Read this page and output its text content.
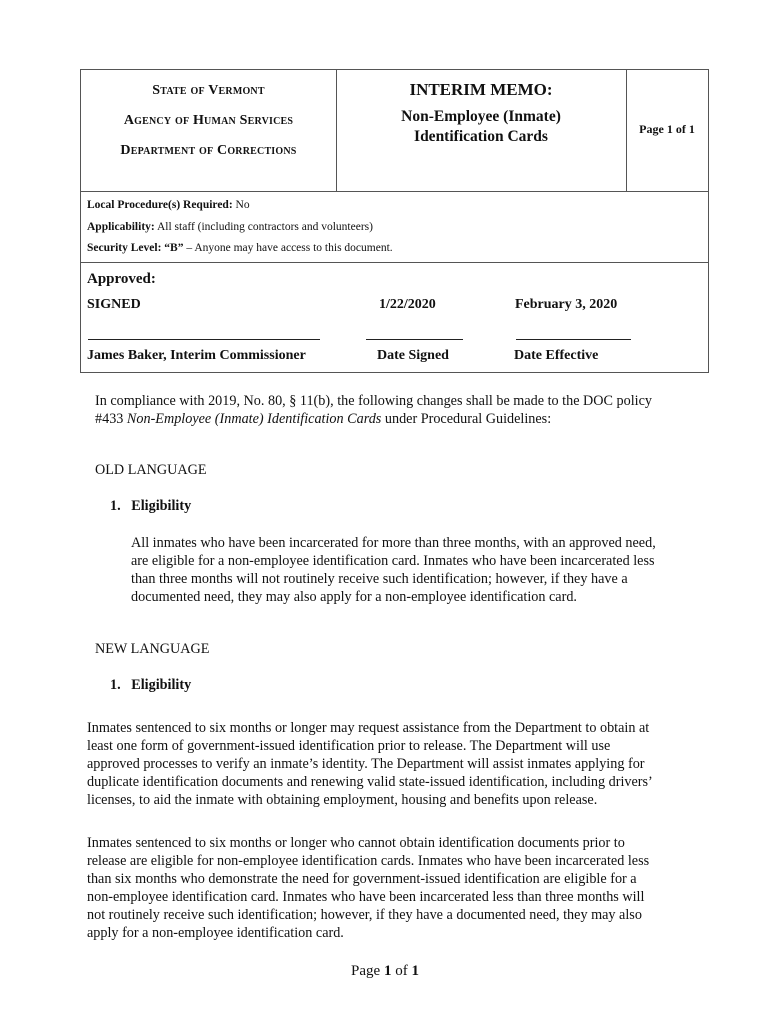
State of Vermont
Agency of Human Services
Department of Corrections
INTERIM MEMO:
Non-Employee (Inmate)
Identification Cards	Page 1 of 1
Local Procedure(s) Required: No
Applicability: All staff (including contractors and volunteers)
Security Level: “B” – Anyone may have access to this document.
Approved:
SIGNED	1/22/2020	February 3, 2020
James Baker, Interim Commissioner	Date Signed	Date Effective
In compliance with 2019, No. 80, § 11(b), the following changes shall be made to the DOC policy
#433 Non-Employee (Inmate) Identification Cards under Procedural Guidelines:
OLD LANGUAGE
1.  Eligibility
All inmates who have been incarcerated for more than three months, with an approved need,
are eligible for a non-employee identification card. Inmates who have been incarcerated less
than three months will not routinely receive such identification; however, if they have a
documented need, they may also apply for a non-employee identification card.
NEW LANGUAGE
1.  Eligibility
Inmates sentenced to six months or longer may request assistance from the Department to obtain at
least one form of government-issued identification prior to release. The Department will use
approved processes to verify an inmate’s identity. The Department will assist inmates applying for
duplicate identification documents and renewing valid state-issued identification, including drivers’
licenses, to aid the inmate with obtaining employment, housing and benefits upon release.
Inmates sentenced to six months or longer who cannot obtain identification documents prior to
release are eligible for non-employee identification cards. Inmates who have been incarcerated less
than six months who demonstrate the need for government-issued identification are eligible for a
non-employee identification card. Inmates who have been incarcerated less than three months will
not routinely receive such identification; however, if they have a documented need, they may also
apply for a non-employee identification card.
Page 1 of 1
